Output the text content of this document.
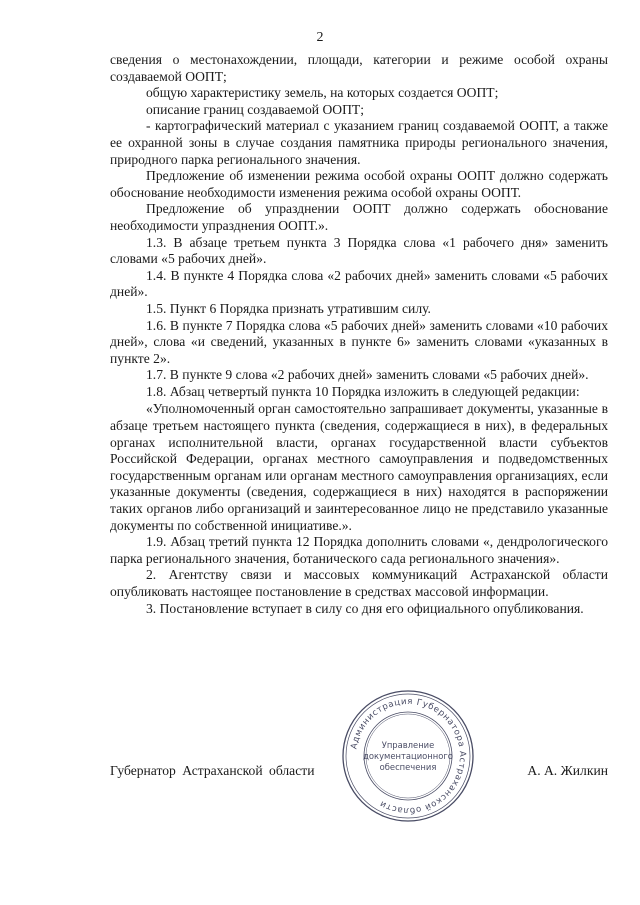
2

сведения о местонахождении, площади, категории и режиме особой охраны создаваемой ООПТ;

общую характеристику земель, на которых создается ООПТ;

описание границ создаваемой ООПТ;

- картографический материал с указанием границ создаваемой ООПТ, а также ее охранной зоны в случае создания памятника природы регионального значения, природного парка регионального значения.

Предложение об изменении режима особой охраны ООПТ должно содержать обоснование необходимости изменения режима особой охраны ООПТ.

Предложение об упразднении ООПТ должно содержать обоснование необходимости упразднения ООПТ.».

1.3. В абзаце третьем пункта 3 Порядка слова «1 рабочего дня» заменить словами «5 рабочих дней».

1.4. В пункте 4 Порядка слова «2 рабочих дней» заменить словами «5 рабочих дней».

1.5. Пункт 6 Порядка признать утратившим силу.

1.6. В пункте 7 Порядка слова «5 рабочих дней» заменить словами «10 рабочих дней», слова «и сведений, указанных в пункте 6» заменить словами «указанных в пункте 2».

1.7. В пункте 9 слова «2 рабочих дней» заменить словами «5 рабочих дней».

1.8. Абзац четвертый пункта 10 Порядка изложить в следующей редакции:

«Уполномоченный орган самостоятельно запрашивает документы, указанные в абзаце третьем настоящего пункта (сведения, содержащиеся в них), в федеральных органах исполнительной власти, органах государственной власти субъектов Российской Федерации, органах местного самоуправления и подведомственных государственным органам или органам местного самоуправления организациях, если указанные документы (сведения, содержащиеся в них) находятся в распоряжении таких органов либо организаций и заинтересованное лицо не представило указанные документы по собственной инициативе.».

1.9. Абзац третий пункта 12 Порядка дополнить словами «, дендрологического парка регионального значения, ботанического сада регионального значения».

2. Агентству связи и массовых коммуникаций Астраханской области опубликовать настоящее постановление в средствах массовой информации.

3. Постановление вступает в силу со дня его официального опубликования.

Губернатор Астраханской области	А. А. Жилкин
Администрация Губернатора Астраханской области
Управление
документационного
обеспечения
